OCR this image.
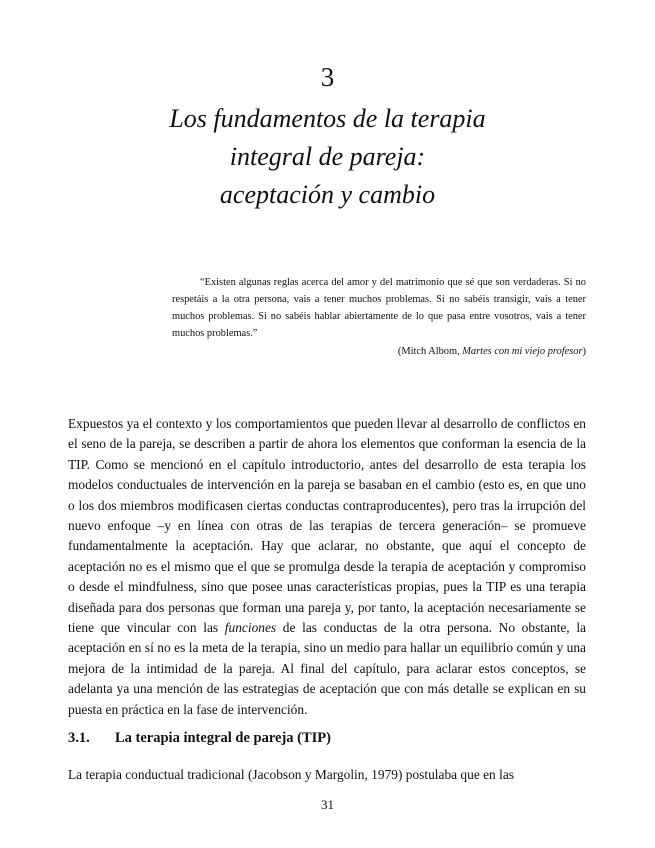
3
Los fundamentos de la terapia
integral de pareja:
aceptación y cambio

“Existen algunas reglas acerca del amor y del matrimonio que sé que son verdaderas. Si no respetáis a la otra persona, vais a tener muchos problemas. Si no sabéis transigir, vais a tener muchos problemas. Si no sabéis hablar abiertamente de lo que pasa entre vosotros, vais a tener muchos problemas.”

(Mitch Albom, Martes con mi viejo profesor)

Expuestos ya el contexto y los comportamientos que pueden llevar al desarrollo de conflictos en el seno de la pareja, se describen a partir de ahora los elementos que conforman la esencia de la TIP. Como se mencionó en el capítulo introductorio, antes del desarrollo de esta terapia los modelos conductuales de intervención en la pareja se basaban en el cambio (esto es, en que uno o los dos miembros modificasen ciertas conductas contraproducentes), pero tras la irrupción del nuevo enfoque –y en línea con otras de las terapias de tercera generación– se promueve fundamentalmente la aceptación. Hay que aclarar, no obstante, que aquí el concepto de aceptación no es el mismo que el que se promulga desde la terapia de aceptación y compromiso o desde el mindfulness, sino que posee unas características propias, pues la TIP es una terapia diseñada para dos personas que forman una pareja y, por tanto, la aceptación necesariamente se tiene que vincular con las funciones de las conductas de la otra persona. No obstante, la aceptación en sí no es la meta de la terapia, sino un medio para hallar un equilibrio común y una mejora de la intimidad de la pareja. Al final del capítulo, para aclarar estos conceptos, se adelanta ya una mención de las estrategias de aceptación que con más detalle se explican en su puesta en práctica en la fase de intervención.

3.1. La terapia integral de pareja (TIP)

La terapia conductual tradicional (Jacobson y Margolin, 1979) postulaba que en las

31
